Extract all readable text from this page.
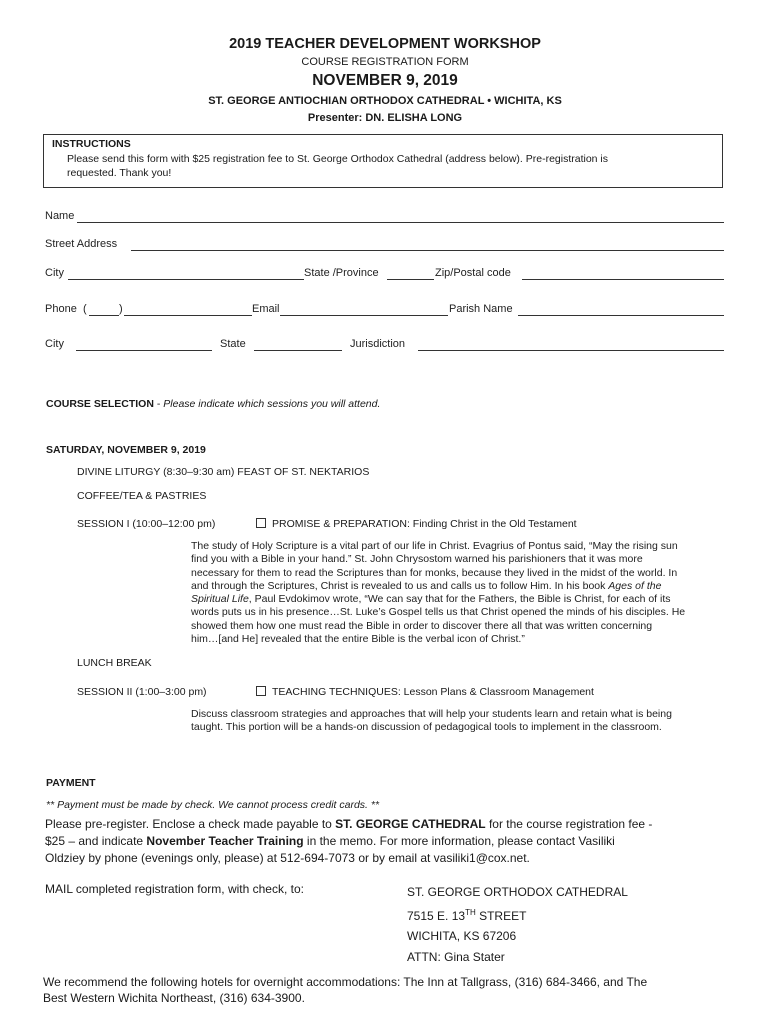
2019 TEACHER DEVELOPMENT WORKSHOP
COURSE REGISTRATION FORM
NOVEMBER 9, 2019
ST. GEORGE ANTIOCHIAN ORTHODOX CATHEDRAL • WICHITA, KS
Presenter: DN. ELISHA LONG
INSTRUCTIONS
Please send this form with $25 registration fee to St. George Orthodox Cathedral (address below). Pre-registration is
requested. Thank you!
Name
Street Address
City	State /Province	Zip/Postal code
Phone (	)	Email	Parish Name
City	State	Jurisdiction
COURSE SELECTION - Please indicate which sessions you will attend.
SATURDAY, NOVEMBER 9, 2019
DIVINE LITURGY (8:30–9:30 am) FEAST OF ST. NEKTARIOS
COFFEE/TEA & PASTRIES
SESSION I (10:00–12:00 pm)	PROMISE & PREPARATION: Finding Christ in the Old Testament
The study of Holy Scripture is a vital part of our life in Christ. Evagrius of Pontus said, “May the rising sun
find you with a Bible in your hand.” St. John Chrysostom warned his parishioners that it was more
necessary for them to read the Scriptures than for monks, because they lived in the midst of the world. In
and through the Scriptures, Christ is revealed to us and calls us to follow Him. In his book Ages of the
Spiritual Life, Paul Evdokimov wrote, “We can say that for the Fathers, the Bible is Christ, for each of its
words puts us in his presence…St. Luke’s Gospel tells us that Christ opened the minds of his disciples. He
showed them how one must read the Bible in order to discover there all that was written concerning
him…[and He] revealed that the entire Bible is the verbal icon of Christ.”
LUNCH BREAK
SESSION II (1:00–3:00 pm)	TEACHING TECHNIQUES: Lesson Plans & Classroom Management
Discuss classroom strategies and approaches that will help your students learn and retain what is being
taught. This portion will be a hands-on discussion of pedagogical tools to implement in the classroom.
PAYMENT
** Payment must be made by check. We cannot process credit cards. **
Please pre-register. Enclose a check made payable to ST. GEORGE CATHEDRAL for the course registration fee -
$25 – and indicate November Teacher Training in the memo. For more information, please contact Vasiliki
Oldziey by phone (evenings only, please) at 512-694-7073 or by email at vasiliki1@cox.net.
MAIL completed registration form, with check, to:	ST. GEORGE ORTHODOX CATHEDRAL
7515 E. 13TH STREET
WICHITA, KS 67206
ATTN: Gina Stater
We recommend the following hotels for overnight accommodations: The Inn at Tallgrass, (316) 684-3466, and The
Best Western Wichita Northeast, (316) 634-3900.
